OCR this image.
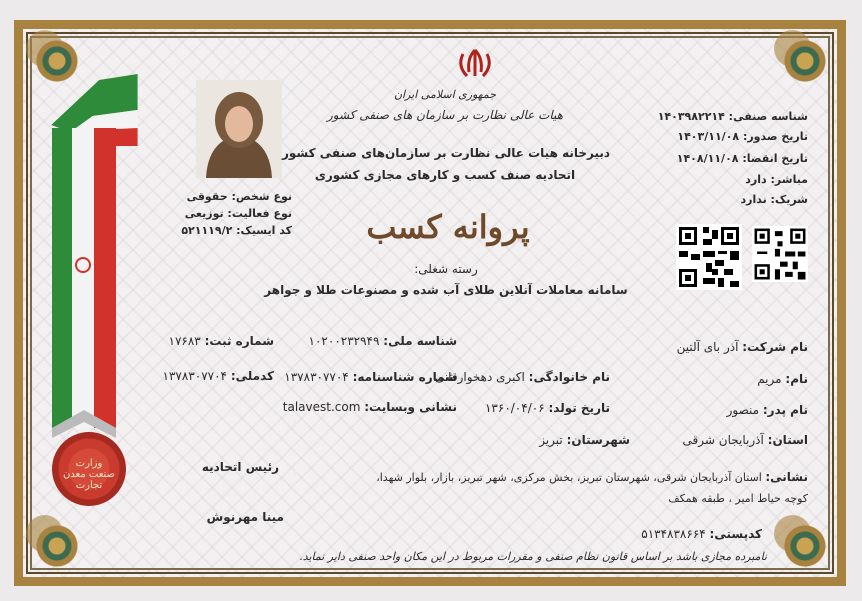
وزارت صنعت معدن تجارت
نوع شخص: حقوقی
نوع فعالیت: توزیعی
کد ایسیک: ۵۲۱۱۱۹/۲
جمهوری اسلامی ایران
هیات عالی نظارت بر سازمان های صنفی کشور
دبیرخانه هیات عالی نظارت بر سازمان‌های صنفی کشور
اتحادیه صنف کسب و کارهای مجازی کشوری
پروانه کسب
رسته شغلی:
سامانه معاملات آنلاین طلای آب شده و مصنوعات طلا و جواهر
شناسه صنفی: ۱۴۰۳۹۸۲۲۱۴
تاریخ صدور: ۱۴۰۳/۱۱/۰۸
تاریخ انقضا: ۱۴۰۸/۱۱/۰۸
مباشر: دارد
شریک: ندارد
نام شرکت: آذر بای آلتین
نام: مریم
نام پدر: منصور
استان: آذربایجان شرقی
شناسه ملی: ۱۰۲۰۰۲۳۲۹۴۹
نام خانوادگی: اکبری دهخوارقانی
تاریخ تولد: ۱۳۶۰/۰۴/۰۶
شهرستان: تبریز
شماره شناسنامه: ۱۳۷۸۳۰۷۷۰۴
نشانی وبسایت: talavest.com
شماره ثبت: ۱۷۶۸۳
کدملی: ۱۳۷۸۳۰۷۷۰۴
نشانی: استان آذربایجان شرقی، شهرستان تبریز، بخش مرکزی، شهر تبریز، بازار، بلوار شهدا،
کوچه حیاط امیر ، طبقه همکف
کدپستی: ۵۱۳۴۸۳۸۶۶۴
رئیس اتحادیه
مینا مهرنوش
نامبرده مجازی باشد بر اساس قانون نظام صنفی و مقررات مربوط در این مکان واحد صنفی دایر نماید.
